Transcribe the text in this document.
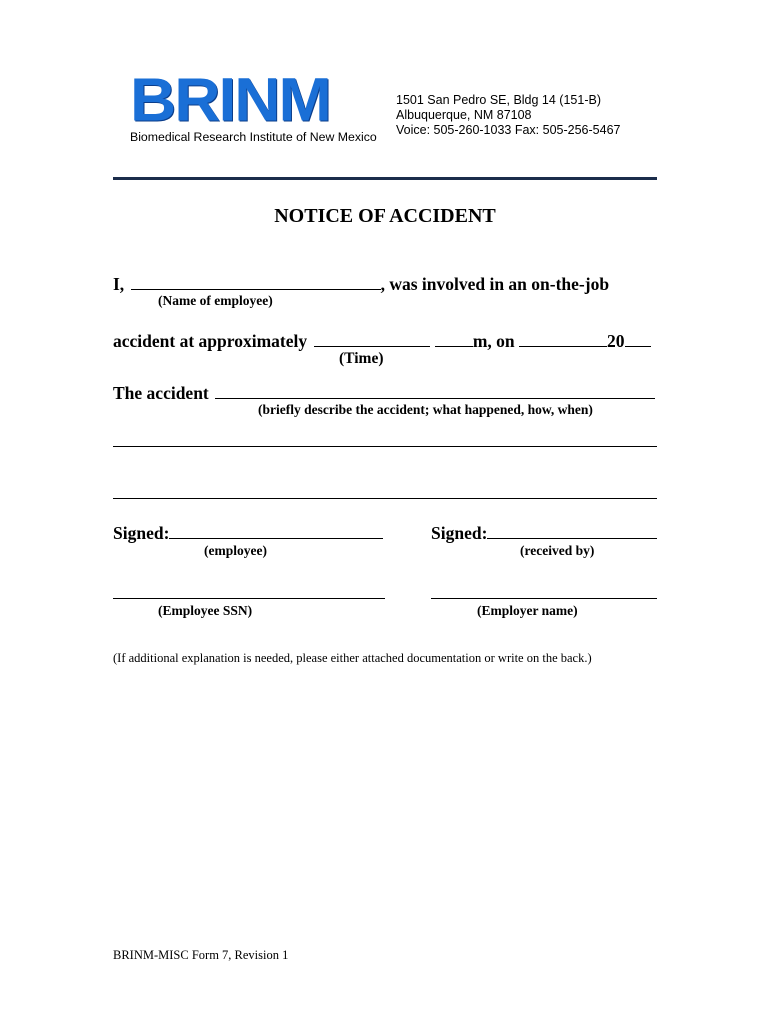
BRINM
Biomedical Research Institute of New Mexico
1501 San Pedro SE, Bldg 14 (151-B)
Albuquerque, NM 87108
Voice: 505-260-1033 Fax: 505-256-5467
NOTICE OF ACCIDENT
I,	, was involved in an on-the-job
(Name of employee)
accident at approximately	m, on	20
(Time)
The accident
(briefly describe the accident; what happened, how, when)
Signed:	Signed:
(employee)	(received by)
(Employee SSN)	(Employer name)
(If additional explanation is needed, please either attached documentation or write on the back.)
BRINM-MISC Form 7, Revision 1
